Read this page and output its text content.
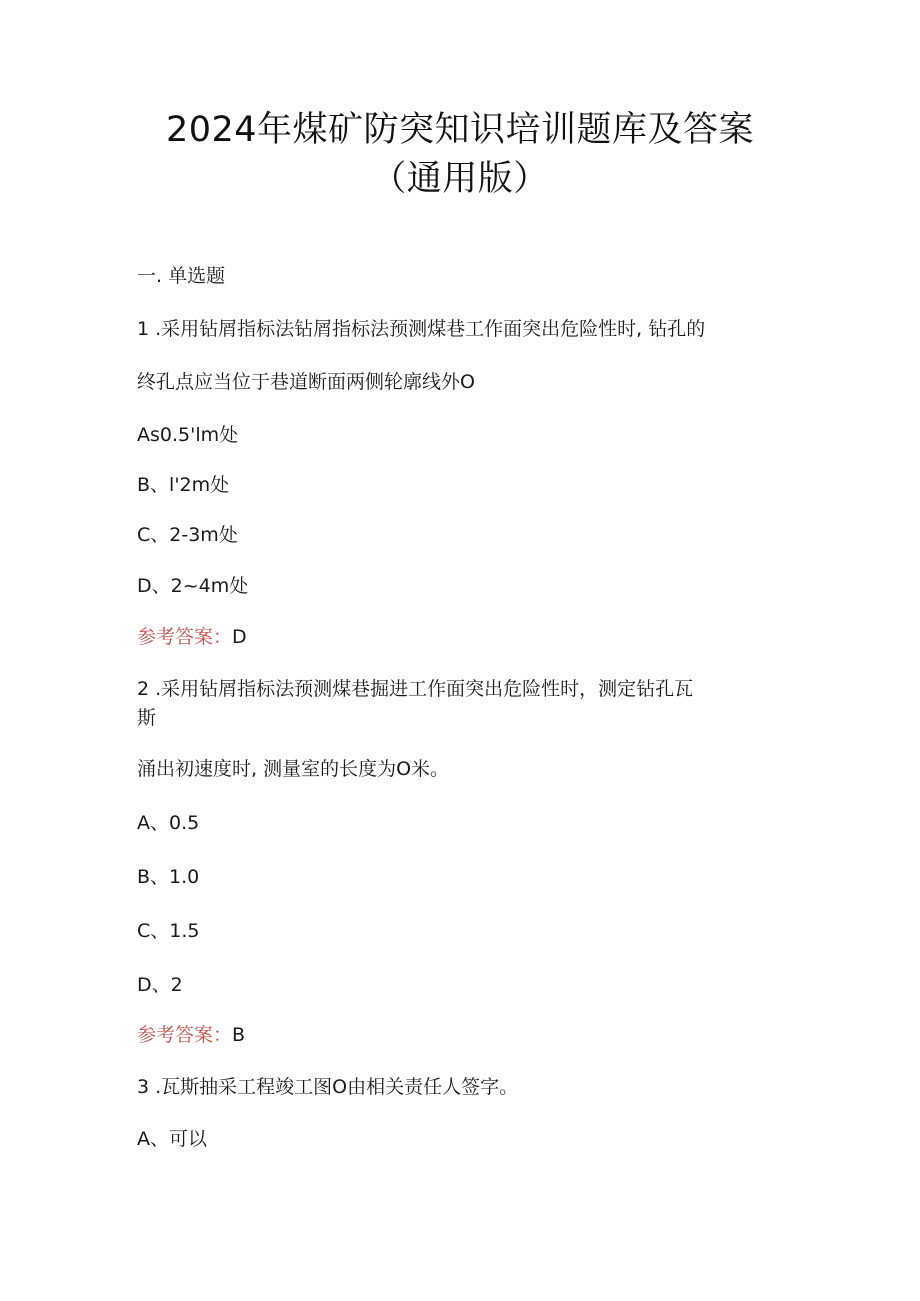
2024年煤矿防突知识培训题库及答案
（通用版）
一. 单选题
1 .采用钻屑指标法钻屑指标法预测煤巷工作面突出危险性时, 钻孔的
终孔点应当位于巷道断面两侧轮廓线外O
As0.5'lm处
B、l'2m处
C、2-3m处
D、2~4m处
参考答案：D
2 .采用钻屑指标法预测煤巷掘进工作面突出危险性时，测定钻孔瓦
斯
涌出初速度时, 测量室的长度为O米。
A、0.5
B、1.0
C、1.5
D、2
参考答案：B
3 .瓦斯抽采工程竣工图O由相关责任人签字。
A、可以
